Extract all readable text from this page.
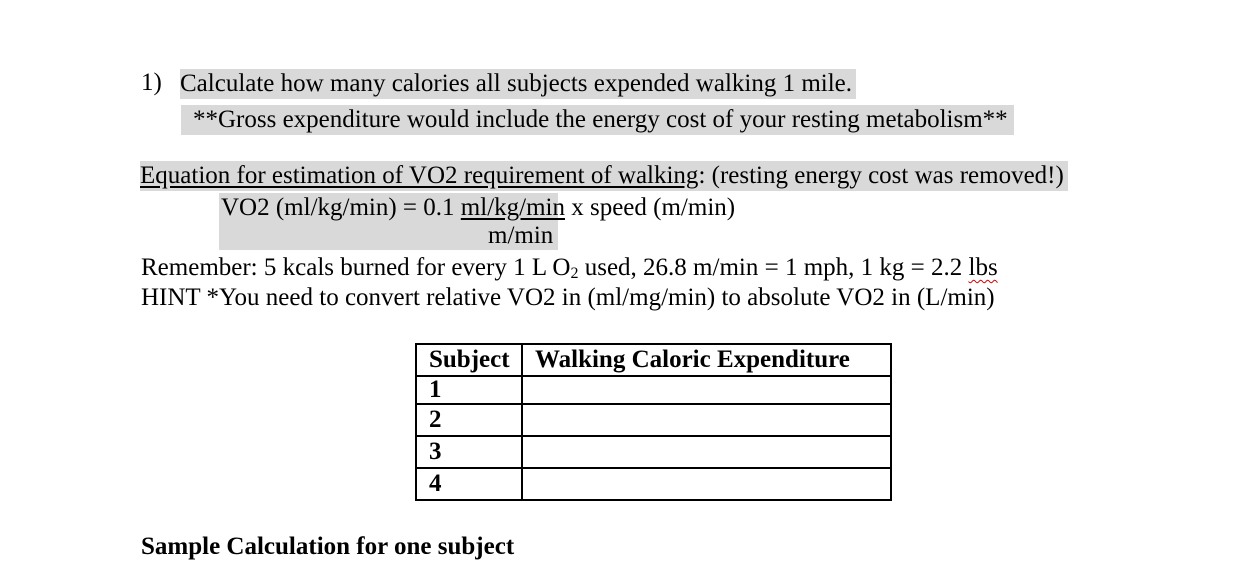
1) Calculate how many calories all subjects expended walking 1 mile.
**Gross expenditure would include the energy cost of your resting metabolism**
Equation for estimation of VO2 requirement of walking: (resting energy cost was removed!)
VO2 (ml/kg/min) = 0.1 ml/kg/min x speed (m/min)
m/min
Remember: 5 kcals burned for every 1 L $O_2$ used, 26.8 m/min = 1 mph, 1 kg = 2.2 lbs
HINT *You need to convert relative VO2 in (ml/mg/min) to absolute VO2 in (L/min)
Subject	Walking Caloric Expenditure
1	
2	
3	
4	
Sample Calculation for one subject
